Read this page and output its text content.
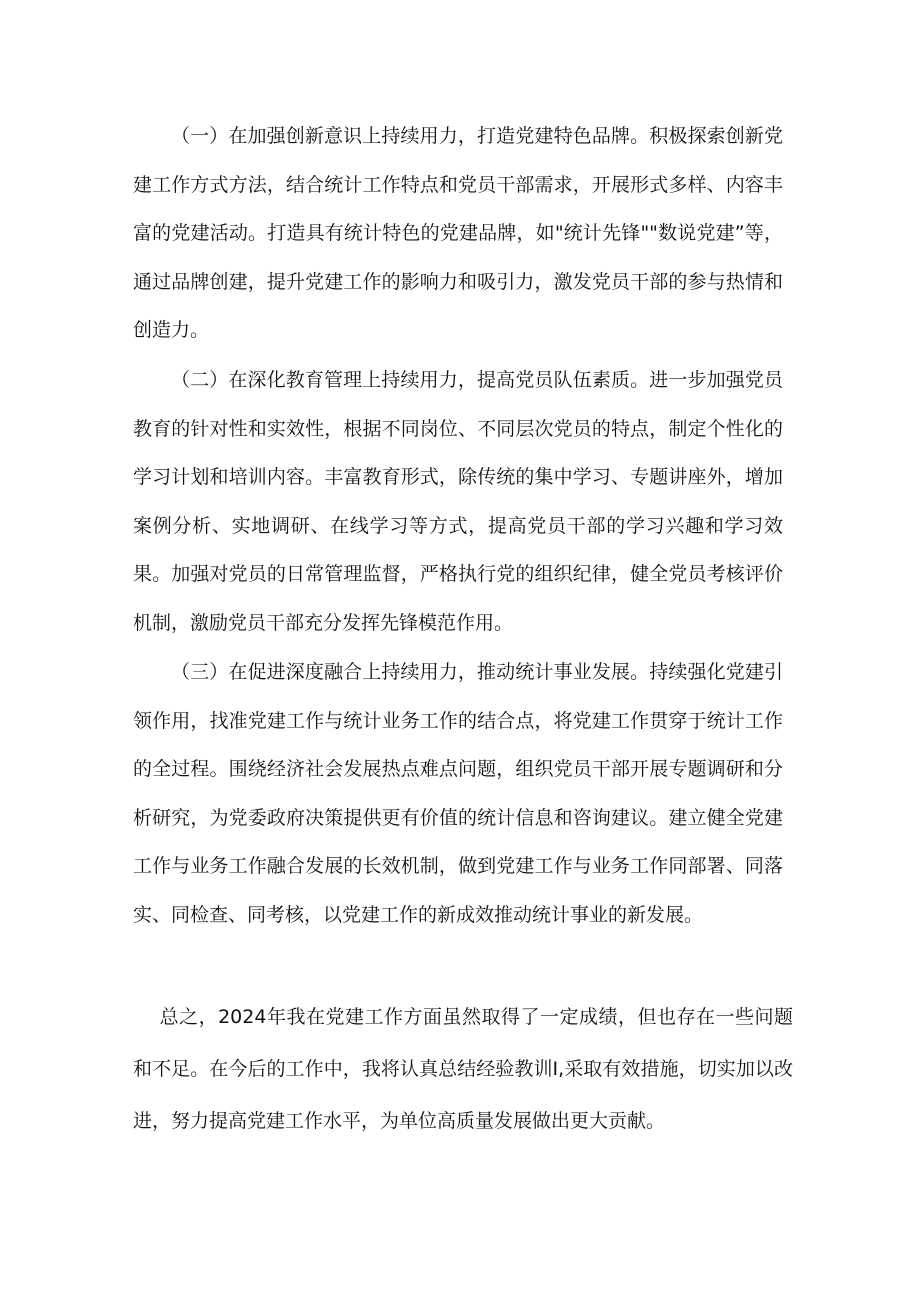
（一）在加强创新意识上持续用力，打造党建特色品牌。积极探索创新党建工作方式方法，结合统计工作特点和党员干部需求，开展形式多样、内容丰富的党建活动。打造具有统计特色的党建品牌，如"统计先锋""数说党建”等，通过品牌创建，提升党建工作的影响力和吸引力，激发党员干部的参与热情和创造力。

（二）在深化教育管理上持续用力，提高党员队伍素质。进一步加强党员教育的针对性和实效性，根据不同岗位、不同层次党员的特点，制定个性化的学习计划和培训内容。丰富教育形式，除传统的集中学习、专题讲座外，增加案例分析、实地调研、在线学习等方式，提高党员干部的学习兴趣和学习效果。加强对党员的日常管理监督，严格执行党的组织纪律，健全党员考核评价机制，激励党员干部充分发挥先锋模范作用。

（三）在促进深度融合上持续用力，推动统计事业发展。持续强化党建引领作用，找准党建工作与统计业务工作的结合点，将党建工作贯穿于统计工作的全过程。围绕经济社会发展热点难点问题，组织党员干部开展专题调研和分析研究，为党委政府决策提供更有价值的统计信息和咨询建议。建立健全党建工作与业务工作融合发展的长效机制，做到党建工作与业务工作同部署、同落实、同检查、同考核，以党建工作的新成效推动统计事业的新发展。

总之，2024年我在党建工作方面虽然取得了一定成绩，但也存在一些问题和不足。在今后的工作中，我将认真总结经验教训I,采取有效措施，切实加以改进，努力提高党建工作水平，为单位高质量发展做出更大贡献。
